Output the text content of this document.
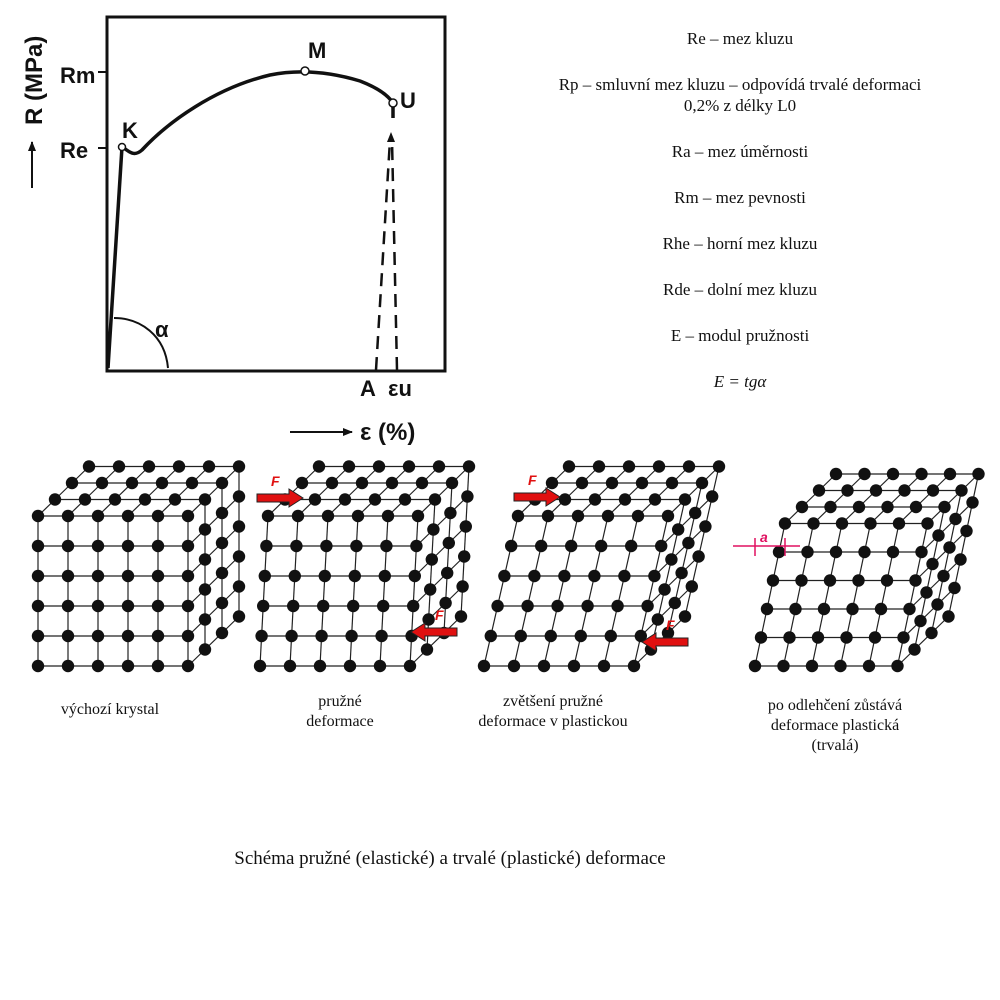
R (MPa) Rm
Re
K
M
U
A εu
α
ε (%)
F
F
F
F
a
Re – mez kluzu
Rp – smluvní mez kluzu – odpovídá trvalé deformaci 0,2% z délky L0
Ra – mez úměrnosti
Rm – mez pevnosti
Rhe – horní mez kluzu
Rde – dolní mez kluzu
E – modul pružnosti
E = tgα
výchozí krystal	pružné deformace
zvětšení pružné deformace v plastickou
po odlehčení zůstává deformace plastická (trvalá)
Schéma pružné (elastické) a trvalé (plastické) deformace
